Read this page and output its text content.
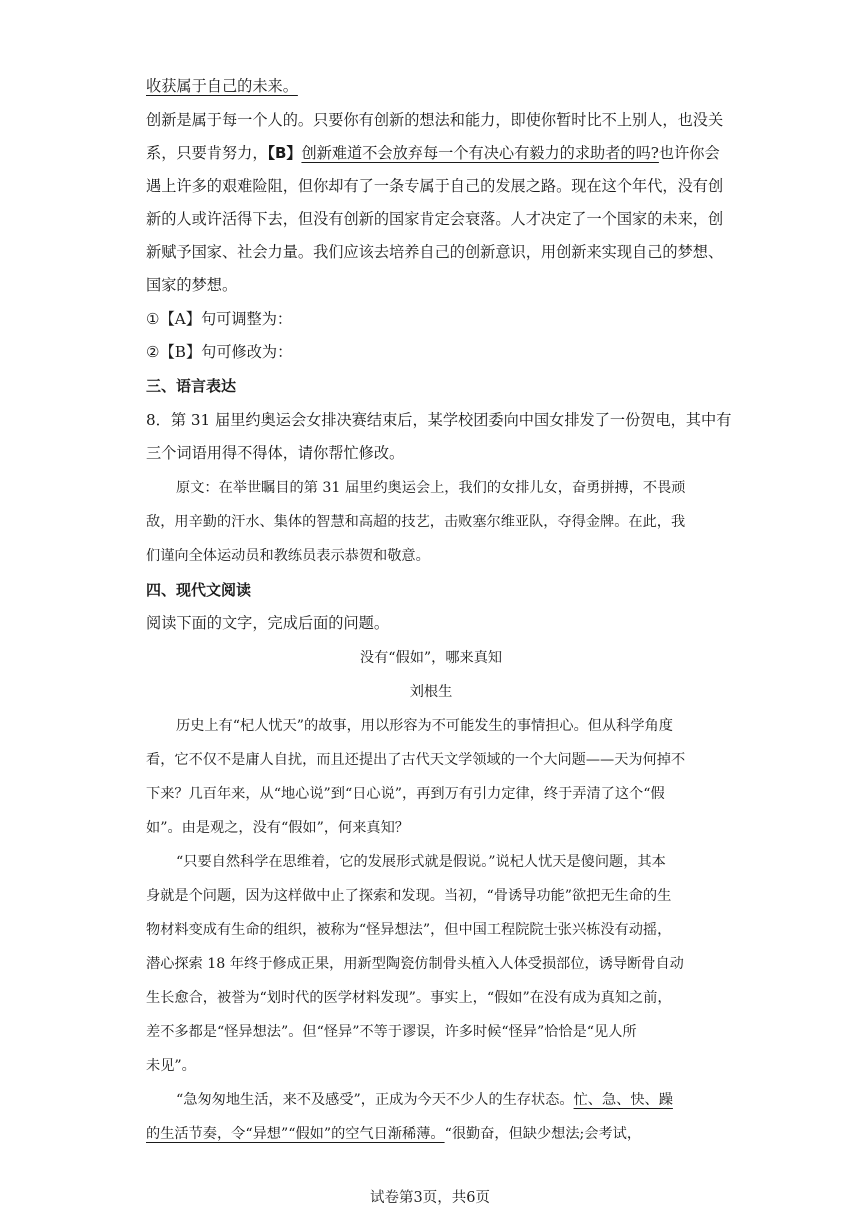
收获属于自己的未来。
创新是属于每一个人的。只要你有创新的想法和能力，即使你暂时比不上别人，也没关
系，只要肯努力，【B】创新难道不会放弃每一个有决心有毅力的求助者的吗?也许你会
遇上许多的艰难险阻，但你却有了一条专属于自己的发展之路。现在这个年代，没有创
新的人或许活得下去，但没有创新的国家肯定会衰落。人才决定了一个国家的未来，创
新赋予国家、社会力量。我们应该去培养自己的创新意识，用创新来实现自己的梦想、
国家的梦想。
①【A】句可调整为：
②【B】句可修改为：
三、语言表达
8．第 31 届里约奥运会女排决赛结束后，某学校团委向中国女排发了一份贺电，其中有
三个词语用得不得体，请你帮忙修改。
原文：在举世瞩目的第 31 届里约奥运会上，我们的女排儿女，奋勇拼搏，不畏顽
敌，用辛勤的汗水、集体的智慧和高超的技艺，击败塞尔维亚队，夺得金牌。在此，我
们谨向全体运动员和教练员表示恭贺和敬意。
四、现代文阅读
阅读下面的文字，完成后面的问题。
没有“假如”，哪来真知
刘根生
历史上有“杞人忧天”的故事，用以形容为不可能发生的事情担心。但从科学角度
看，它不仅不是庸人自扰，而且还提出了古代天文学领域的一个大问题——天为何掉不
下来？几百年来，从“地心说”到“日心说”，再到万有引力定律，终于弄清了这个“假
如”。由是观之，没有“假如”，何来真知？
“只要自然科学在思维着，它的发展形式就是假说。”说杞人忧天是傻问题，其本
身就是个问题，因为这样做中止了探索和发现。当初，“骨诱导功能”欲把无生命的生
物材料变成有生命的组织，被称为“怪异想法”，但中国工程院院士张兴栋没有动摇，
潜心探索 18 年终于修成正果，用新型陶瓷仿制骨头植入人体受损部位，诱导断骨自动
生长愈合，被誉为“划时代的医学材料发现”。事实上，“假如”在没有成为真知之前，
差不多都是“怪异想法”。但“怪异”不等于谬误，许多时候“怪异”恰恰是“见人所
未见”。
“急匆匆地生活，来不及感受”，正成为今天不少人的生存状态。忙、急、快、躁
的生活节奏，令“异想”“假如”的空气日渐稀薄。“很勤奋，但缺少想法;会考试，
试卷第3页，共6页
